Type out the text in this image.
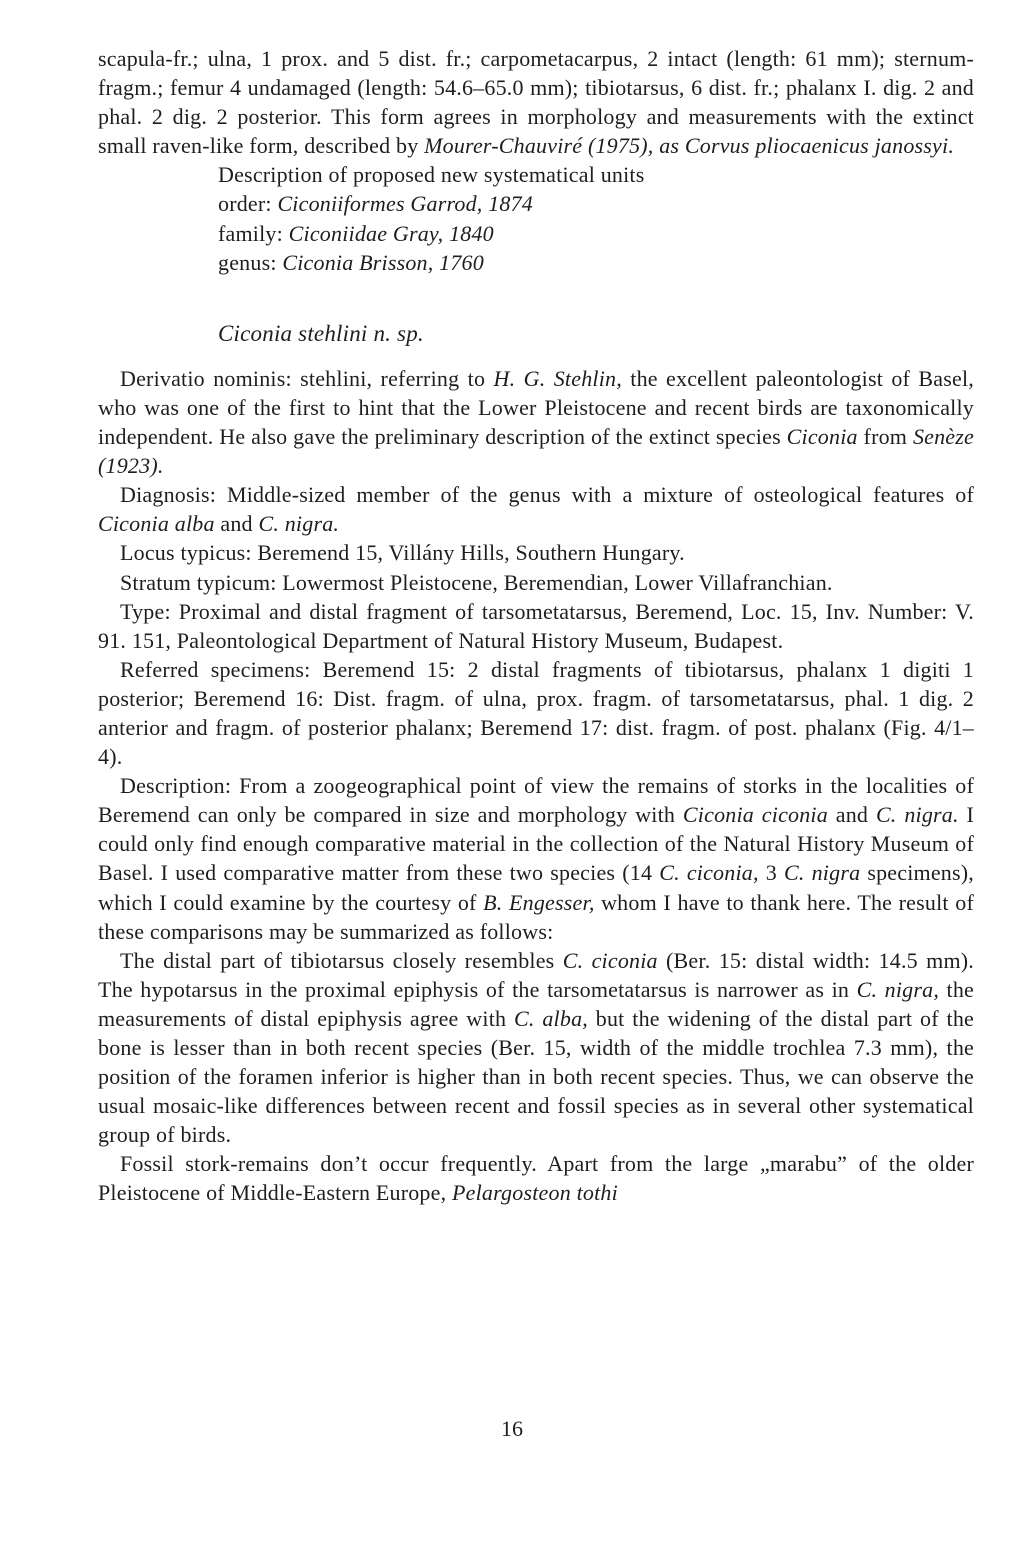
scapula-fr.; ulna, 1 prox. and 5 dist. fr.; carpometacarpus, 2 intact (length: 61 mm); sternum-fragm.; femur 4 undamaged (length: 54.6–65.0 mm); tibiotarsus, 6 dist. fr.; phalanx I. dig. 2 and phal. 2 dig. 2 posterior. This form agrees in morphology and measurements with the extinct small raven-like form, described by Mourer-Chauviré (1975), as Corvus pliocaenicus janossyi.

Description of proposed new systematical units
order: Ciconiiformes Garrod, 1874
family: Ciconiidae Gray, 1840
genus: Ciconia Brisson, 1760
Ciconia stehlini n. sp.

Derivatio nominis: stehlini, referring to H. G. Stehlin, the excellent paleontologist of Basel, who was one of the first to hint that the Lower Pleistocene and recent birds are taxonomically independent. He also gave the preliminary description of the extinct species Ciconia from Senèze (1923).

Diagnosis: Middle-sized member of the genus with a mixture of osteological features of Ciconia alba and C. nigra.

Locus typicus: Beremend 15, Villány Hills, Southern Hungary.

Stratum typicum: Lowermost Pleistocene, Beremendian, Lower Villafranchian.

Type: Proximal and distal fragment of tarsometatarsus, Beremend, Loc. 15, Inv. Number: V. 91. 151, Paleontological Department of Natural History Museum, Budapest.

Referred specimens: Beremend 15: 2 distal fragments of tibiotarsus, phalanx 1 digiti 1 posterior; Beremend 16: Dist. fragm. of ulna, prox. fragm. of tarsometatarsus, phal. 1 dig. 2 anterior and fragm. of posterior phalanx; Beremend 17: dist. fragm. of post. phalanx (Fig. 4/1–4).

Description: From a zoogeographical point of view the remains of storks in the localities of Beremend can only be compared in size and morphology with Ciconia ciconia and C. nigra. I could only find enough comparative material in the collection of the Natural History Museum of Basel. I used comparative matter from these two species (14 C. ciconia, 3 C. nigra specimens), which I could examine by the courtesy of B. Engesser, whom I have to thank here. The result of these comparisons may be summarized as follows:

The distal part of tibiotarsus closely resembles C. ciconia (Ber. 15: distal width: 14.5 mm). The hypotarsus in the proximal epiphysis of the tarsometatarsus is narrower as in C. nigra, the measurements of distal epiphysis agree with C. alba, but the widening of the distal part of the bone is lesser than in both recent species (Ber. 15, width of the middle trochlea 7.3 mm), the position of the foramen inferior is higher than in both recent species. Thus, we can observe the usual mosaic-like differences between recent and fossil species as in several other systematical group of birds.

Fossil stork-remains don’t occur frequently. Apart from the large „marabu” of the older Pleistocene of Middle-Eastern Europe, Pelargosteon tothi

16
